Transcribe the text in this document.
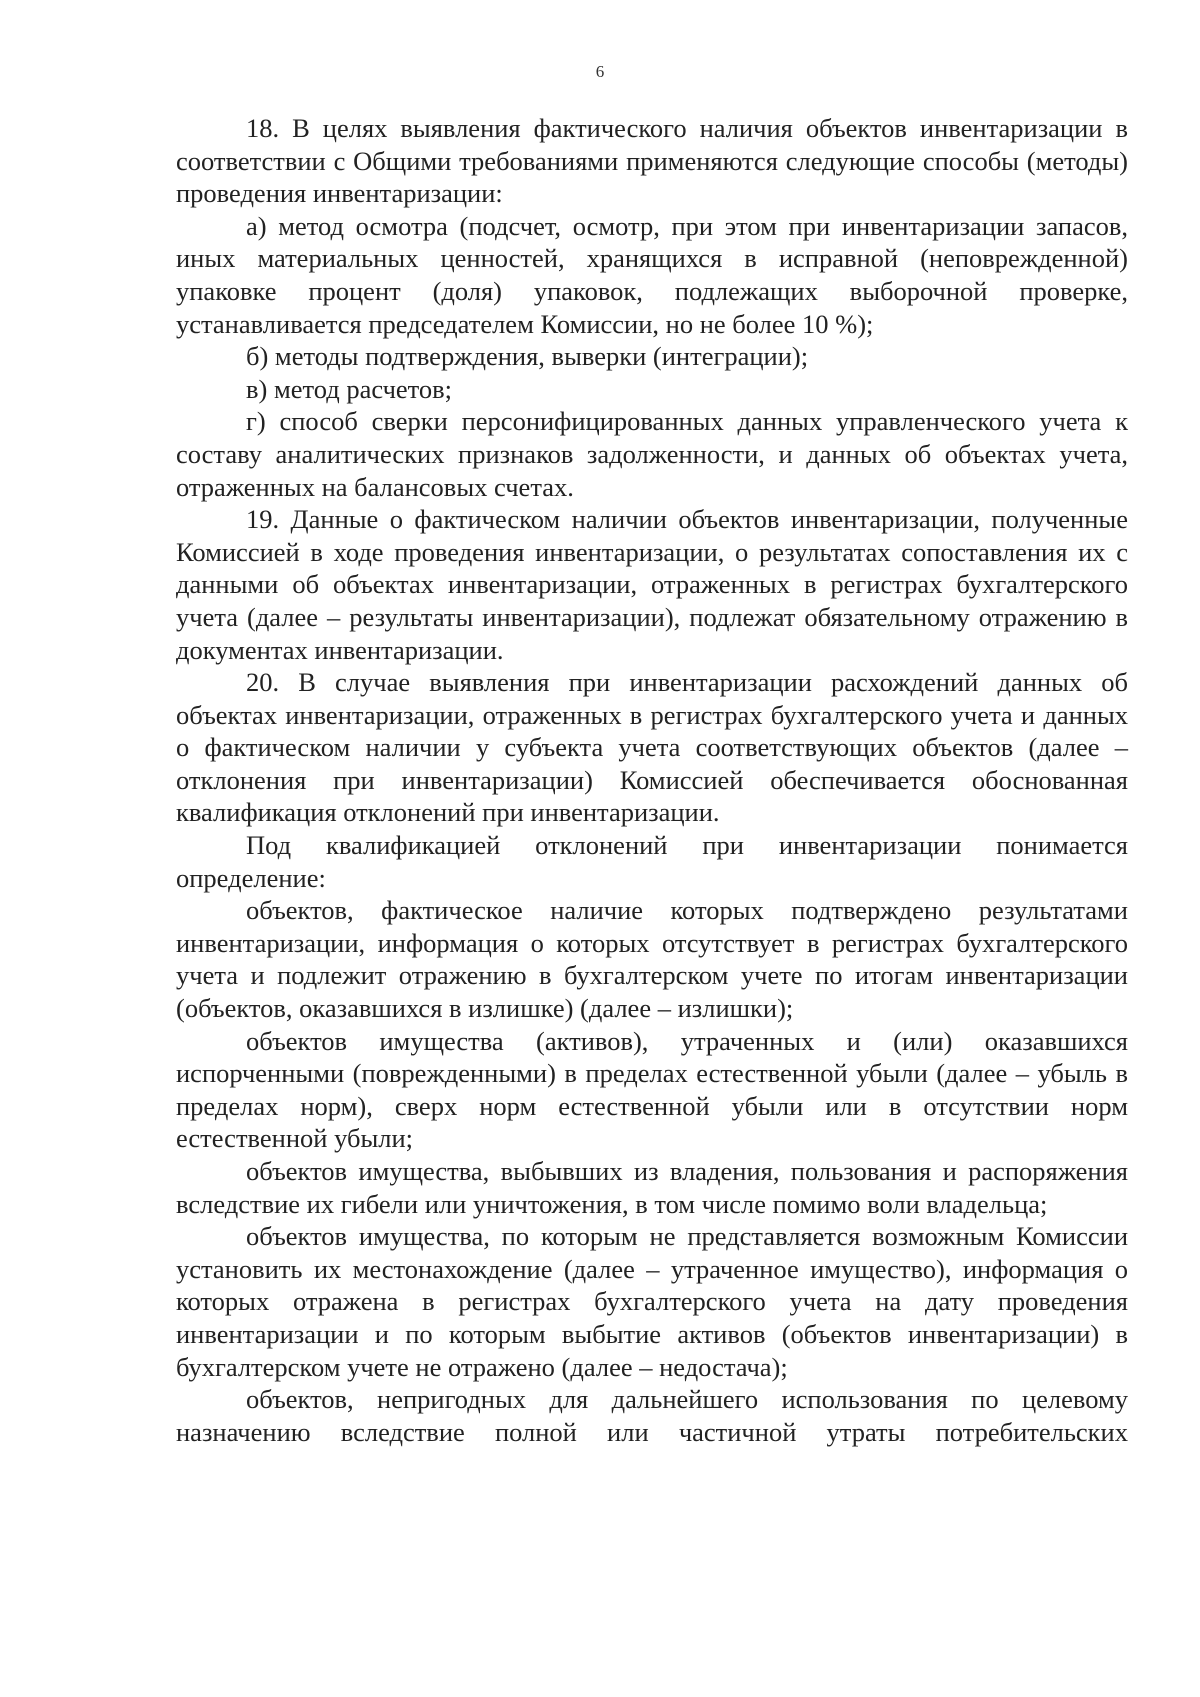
6

18. В целях выявления фактического наличия объектов инвентаризации в соответствии с Общими требованиями применяются следующие способы (методы) проведения инвентаризации:

а) метод осмотра (подсчет, осмотр, при этом при инвентаризации запасов, иных материальных ценностей, хранящихся в исправной (неповрежденной) упаковке процент (доля) упаковок, подлежащих выборочной проверке, устанавливается председателем Комиссии, но не более 10 %);

б) методы подтверждения, выверки (интеграции);

в) метод расчетов;

г) способ сверки персонифицированных данных управленческого учета к составу аналитических признаков задолженности, и данных об объектах учета, отраженных на балансовых счетах.

19. Данные о фактическом наличии объектов инвентаризации, полученные Комиссией в ходе проведения инвентаризации, о результатах сопоставления их с данными об объектах инвентаризации, отраженных в регистрах бухгалтерского учета (далее – результаты инвентаризации), подлежат обязательному отражению в документах инвентаризации.

20. В случае выявления при инвентаризации расхождений данных об объектах инвентаризации, отраженных в регистрах бухгалтерского учета и данных о фактическом наличии у субъекта учета соответствующих объектов (далее – отклонения при инвентаризации) Комиссией обеспечивается обоснованная квалификация отклонений при инвентаризации.

Под квалификацией отклонений при инвентаризации понимается определение:

объектов, фактическое наличие которых подтверждено результатами инвентаризации, информация о которых отсутствует в регистрах бухгалтерского учета и подлежит отражению в бухгалтерском учете по итогам инвентаризации (объектов, оказавшихся в излишке) (далее – излишки);

объектов имущества (активов), утраченных и (или) оказавшихся испорченными (поврежденными) в пределах естественной убыли (далее – убыль в пределах норм), сверх норм естественной убыли или в отсутствии норм естественной убыли;

объектов имущества, выбывших из владения, пользования и распоряжения вследствие их гибели или уничтожения, в том числе помимо воли владельца;

объектов имущества, по которым не представляется возможным Комиссии установить их местонахождение (далее – утраченное имущество), информация о которых отражена в регистрах бухгалтерского учета на дату проведения инвентаризации и по которым выбытие активов (объектов инвентаризации) в бухгалтерском учете не отражено (далее – недостача);

объектов, непригодных для дальнейшего использования по целевому назначению вследствие полной или частичной утраты потребительских
